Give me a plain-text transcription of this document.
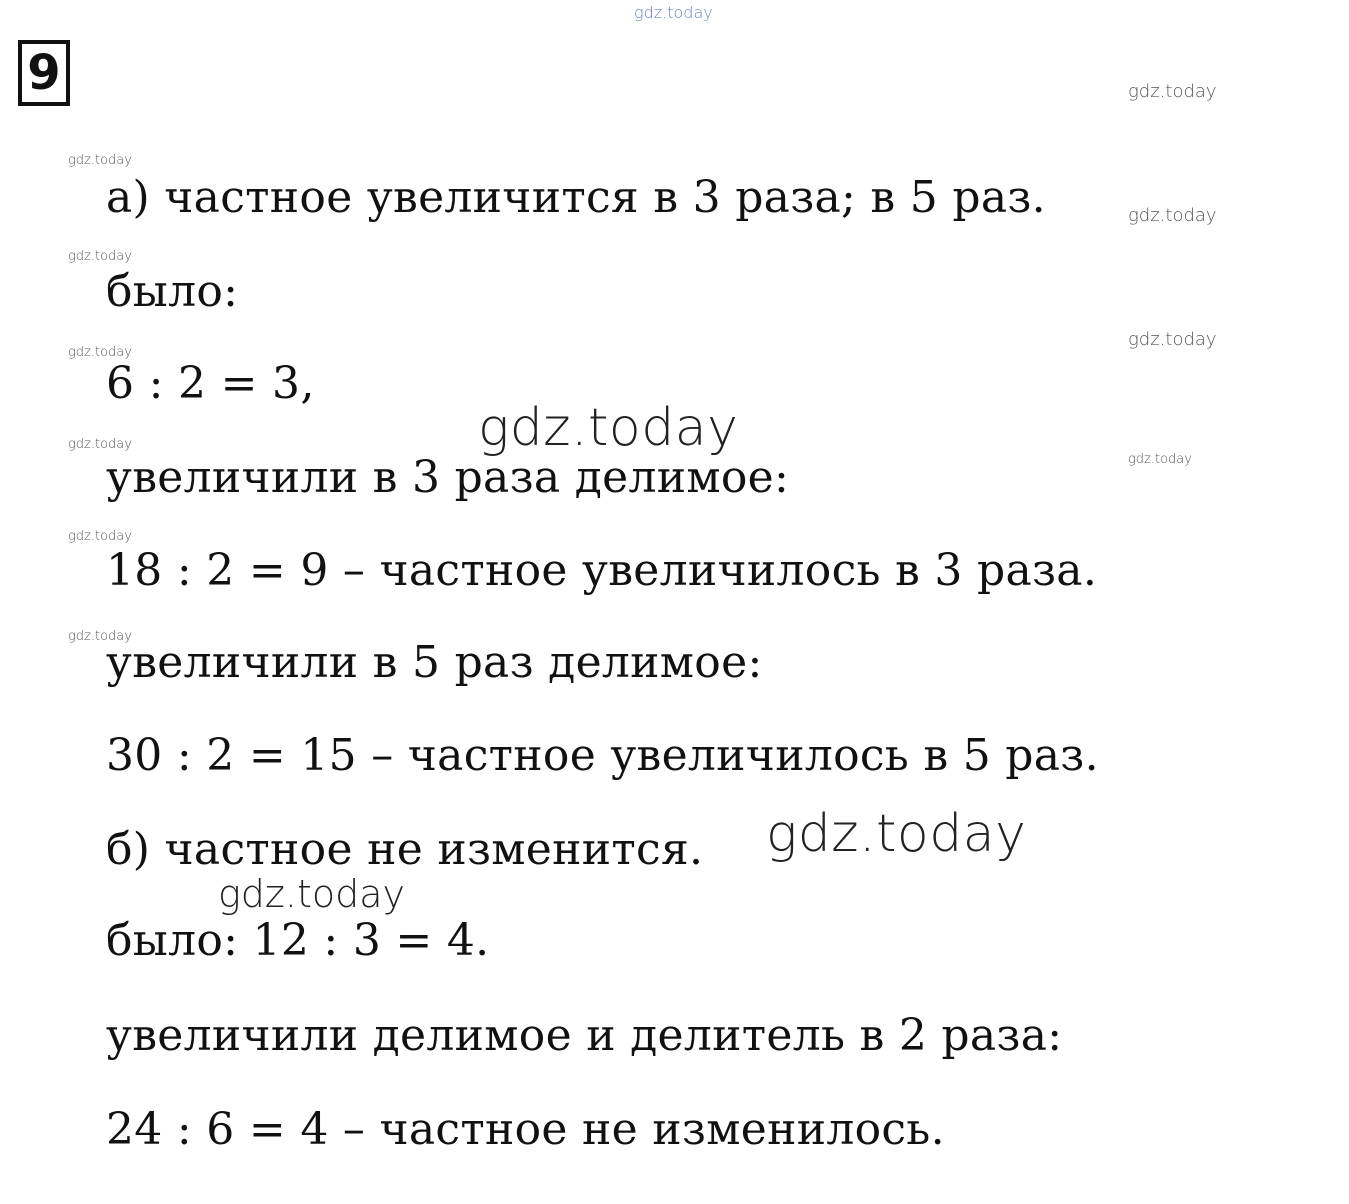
9
а) частное увеличится в 3 раза; в 5 раз.
было:
6 : 2 = 3,
увеличили в 3 раза делимое:
18 : 2 = 9 – частное увеличилось в 3 раза.
увеличили в 5 раз делимое:
30 : 2 = 15 – частное увеличилось в 5 раз.
б) частное не изменится.
было: 12 : 3 = 4.
увеличили делимое и делитель в 2 раза:
24 : 6 = 4 – частное не изменилось.
gdz.today
gdz.today
gdz.today
gdz.today
gdz.today
gdz.today
gdz.today
gdz.today
gdz.today
gdz.today
gdz.today
gdz.today
gdz.today
gdz.today
